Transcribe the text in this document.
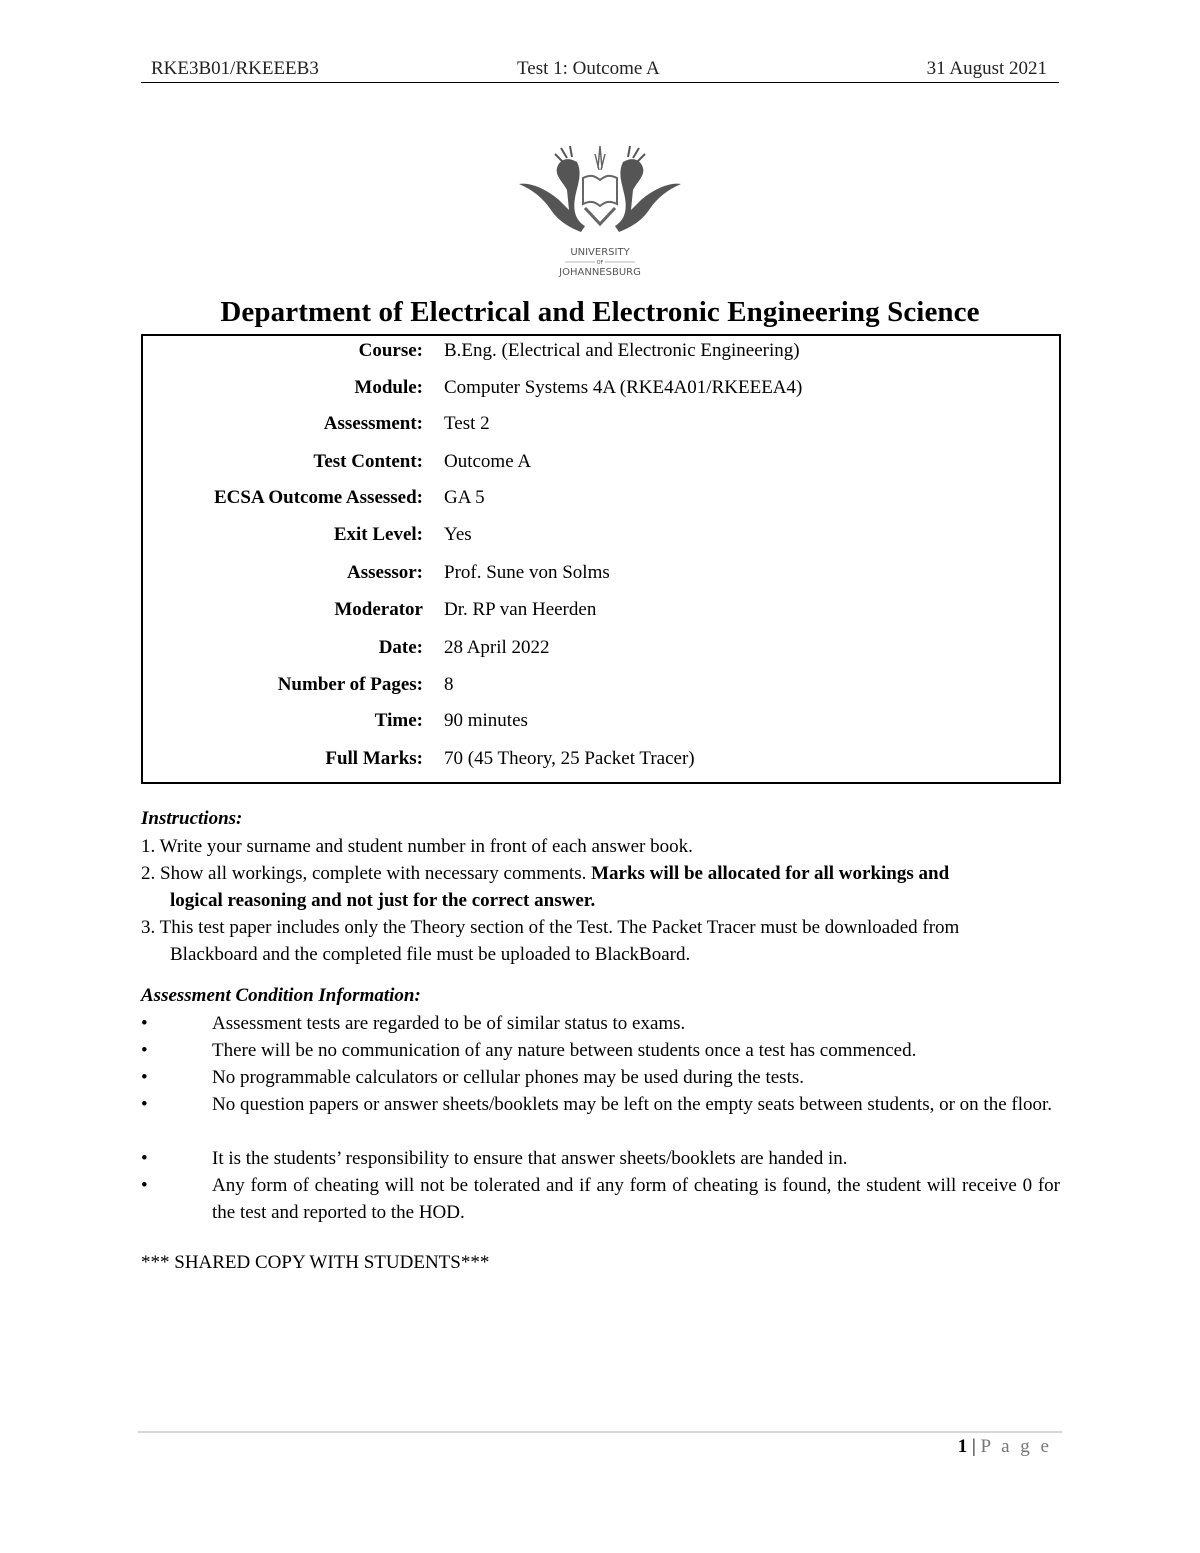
RKE3B01/RKEEEB3	Test 1: Outcome A	31 August 2021
UNIVERSITY
OF
JOHANNESBURG
Department of Electrical and Electronic Engineering Science
Course: B.Eng. (Electrical and Electronic Engineering)
Module: Computer Systems 4A (RKE4A01/RKEEEA4)
Assessment: Test 2
Test Content: Outcome A
ECSA Outcome Assessed: GA 5
Exit Level: Yes
Assessor: Prof. Sune von Solms
Moderator Dr. RP van Heerden
Date: 28 April 2022
Number of Pages: 8
Time: 90 minutes
Full Marks: 70 (45 Theory, 25 Packet Tracer)
Instructions:
1. Write your surname and student number in front of each answer book.
2. Show all workings, complete with necessary comments. Marks will be allocated for all workings and
logical reasoning and not just for the correct answer.
3. This test paper includes only the Theory section of the Test. The Packet Tracer must be downloaded from
Blackboard and the completed file must be uploaded to BlackBoard.
Assessment Condition Information:
•	Assessment tests are regarded to be of similar status to exams.
•	There will be no communication of any nature between students once a test has commenced.
•	No programmable calculators or cellular phones may be used during the tests.
•	No question papers or answer sheets/booklets may be left on the empty seats between students, or on the floor.
•	It is the students’ responsibility to ensure that answer sheets/booklets are handed in.
•	Any form of cheating will not be tolerated and if any form of cheating is found, the student will receive 0 for the test and reported to the HOD.
*** SHARED COPY WITH STUDENTS***
1 | P a g e
